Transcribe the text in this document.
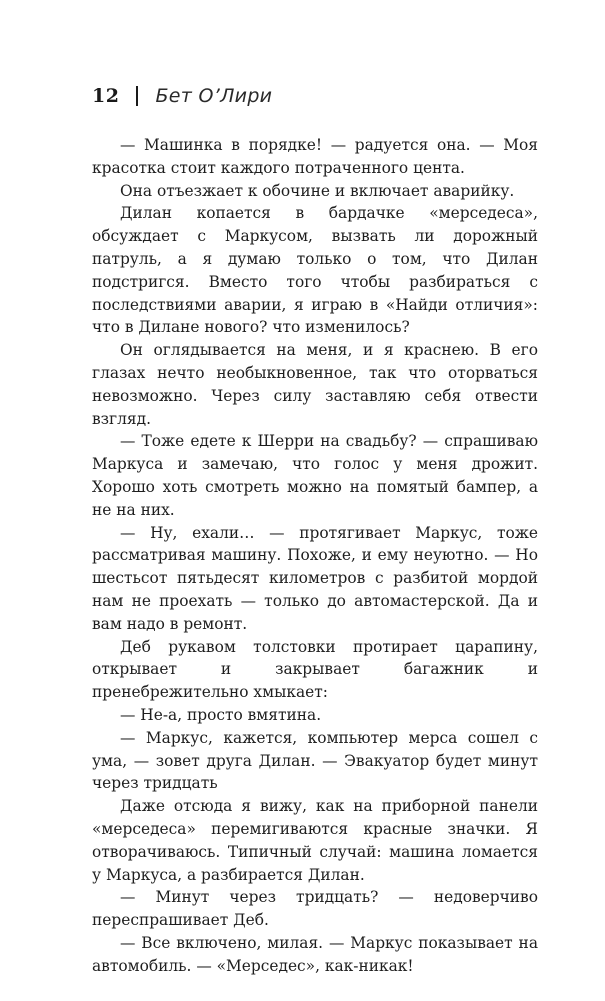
12 Бет О’Лири

— Машинка в порядке! — радуется она. — Моя красотка стоит каждого потраченного цента.

Она отъезжает к обочине и включает аварийку.

Дилан копается в бардачке «мерседеса», обсуждает с Маркусом, вызвать ли дорожный патруль, а я думаю только о том, что Дилан подстригся. Вместо того чтобы разбираться с последствиями аварии, я играю в «Найди отличия»: что в Дилане нового? что изменилось?

Он оглядывается на меня, и я краснею. В его глазах нечто необыкновенное, так что оторваться невозможно. Через силу заставляю себя отвести взгляд.

— Тоже едете к Шерри на свадьбу? — спрашиваю Маркуса и замечаю, что голос у меня дрожит. Хорошо хоть смотреть можно на помятый бампер, а не на них.

— Ну, ехали… — протягивает Маркус, тоже рассматривая машину. Похоже, и ему неуютно. — Но шестьсот пятьдесят километров с разбитой мордой нам не проехать — только до автомастерской. Да и вам надо в ремонт.

Деб рукавом толстовки протирает царапину, открывает и закрывает багажник и пренебрежительно хмыкает:

— Не-а, просто вмятина.

— Маркус, кажется, компьютер мерса сошел с ума, — зовет друга Дилан. — Эвакуатор будет минут через тридцать

Даже отсюда я вижу, как на приборной панели «мерседеса» перемигиваются красные значки. Я отворачиваюсь. Типичный случай: машина ломается у Маркуса, а разбирается Дилан.

— Минут через тридцать? — недоверчиво переспрашивает Деб.

— Все включено, милая. — Маркус показывает на автомобиль. — «Мерседес», как-никак!
